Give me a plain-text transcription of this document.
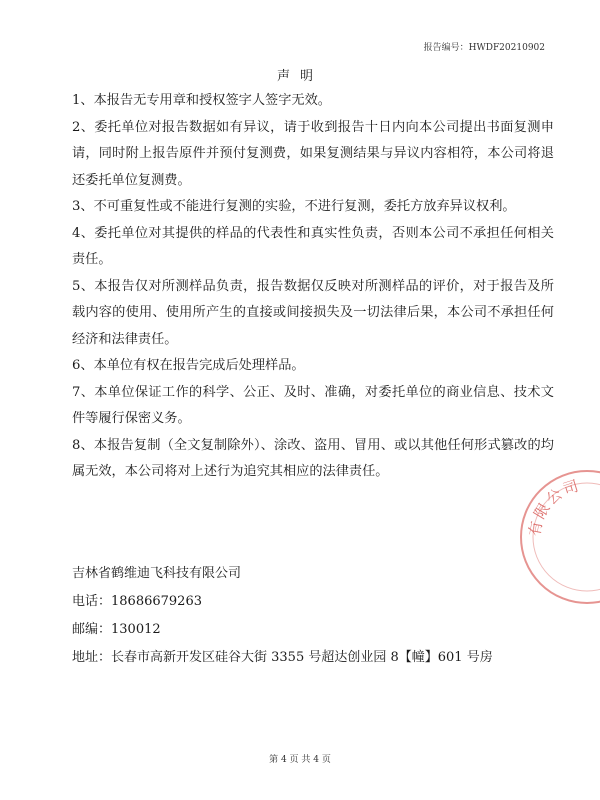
报告编号：HWDF20210902
声明

1、本报告无专用章和授权签字人签字无效。

2、委托单位对报告数据如有异议，请于收到报告十日内向本公司提出书面复测申请，同时附上报告原件并预付复测费，如果复测结果与异议内容相符，本公司将退还委托单位复测费。

3、不可重复性或不能进行复测的实验，不进行复测，委托方放弃异议权利。

4、委托单位对其提供的样品的代表性和真实性负责，否则本公司不承担任何相关责任。

5、本报告仅对所测样品负责，报告数据仅反映对所测样品的评价，对于报告及所载内容的使用、使用所产生的直接或间接损失及一切法律后果，本公司不承担任何经济和法律责任。

6、本单位有权在报告完成后处理样品。

7、本单位保证工作的科学、公正、及时、准确，对委托单位的商业信息、技术文件等履行保密义务。

8、本报告复制（全文复制除外）、涂改、盗用、冒用、或以其他任何形式篡改的均属无效，本公司将对上述行为追究其相应的法律责任。

有限公司
吉林省鹤维迪飞科技有限公司
电话：18686679263
邮编：130012
地址：长春市高新开发区硅谷大街 3355 号超达创业园 8【幢】601 号房
第 4 页 共 4 页
